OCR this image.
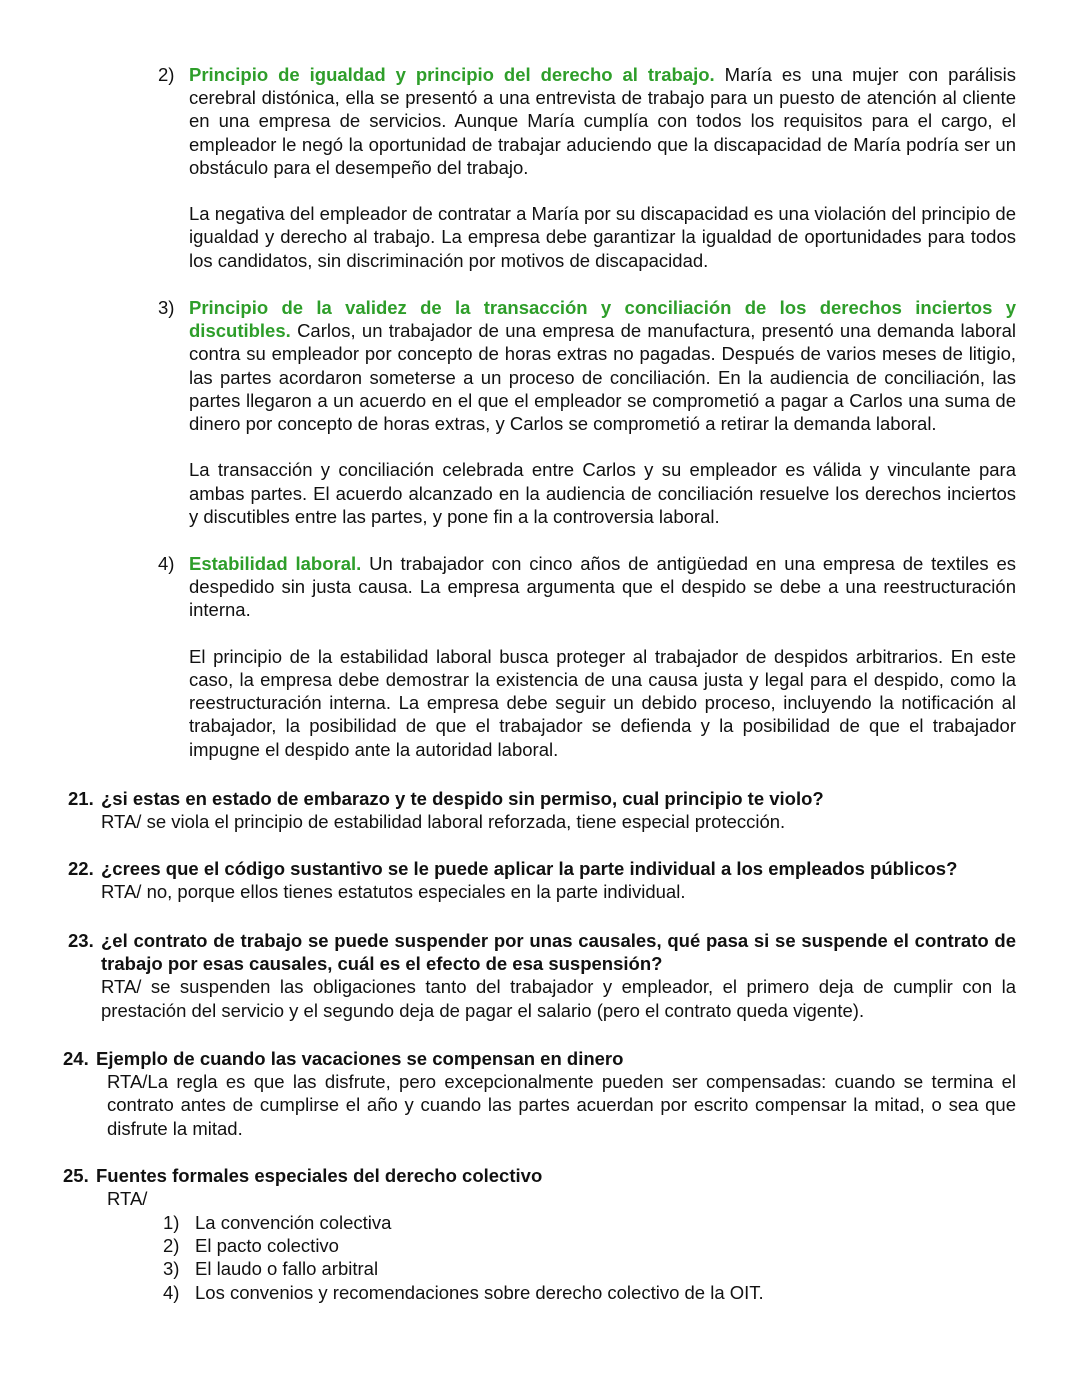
2) Principio de igualdad y principio del derecho al trabajo. María es una mujer con parálisis cerebral distónica, ella se presentó a una entrevista de trabajo para un puesto de atención al cliente en una empresa de servicios. Aunque María cumplía con todos los requisitos para el cargo, el empleador le negó la oportunidad de trabajar aduciendo que la discapacidad de María podría ser un obstáculo para el desempeño del trabajo.

La negativa del empleador de contratar a María por su discapacidad es una violación del principio de igualdad y derecho al trabajo. La empresa debe garantizar la igualdad de oportunidades para todos los candidatos, sin discriminación por motivos de discapacidad.

3) Principio de la validez de la transacción y conciliación de los derechos inciertos y discutibles. Carlos, un trabajador de una empresa de manufactura, presentó una demanda laboral contra su empleador por concepto de horas extras no pagadas. Después de varios meses de litigio, las partes acordaron someterse a un proceso de conciliación. En la audiencia de conciliación, las partes llegaron a un acuerdo en el que el empleador se comprometió a pagar a Carlos una suma de dinero por concepto de horas extras, y Carlos se comprometió a retirar la demanda laboral.

La transacción y conciliación celebrada entre Carlos y su empleador es válida y vinculante para ambas partes. El acuerdo alcanzado en la audiencia de conciliación resuelve los derechos inciertos y discutibles entre las partes, y pone fin a la controversia laboral.

4) Estabilidad laboral. Un trabajador con cinco años de antigüedad en una empresa de textiles es despedido sin justa causa. La empresa argumenta que el despido se debe a una reestructuración interna.

El principio de la estabilidad laboral busca proteger al trabajador de despidos arbitrarios. En este caso, la empresa debe demostrar la existencia de una causa justa y legal para el despido, como la reestructuración interna. La empresa debe seguir un debido proceso, incluyendo la notificación al trabajador, la posibilidad de que el trabajador se defienda y la posibilidad de que el trabajador impugne el despido ante la autoridad laboral.

21. ¿si estas en estado de embarazo y te despido sin permiso, cual principio te violo?
RTA/ se viola el principio de estabilidad laboral reforzada, tiene especial protección.
22. ¿crees que el código sustantivo se le puede aplicar la parte individual a los empleados públicos?
RTA/ no, porque ellos tienes estatutos especiales en la parte individual.
23. ¿el contrato de trabajo se puede suspender por unas causales, qué pasa si se suspende el contrato de trabajo por esas causales, cuál es el efecto de esa suspensión?
RTA/ se suspenden las obligaciones tanto del trabajador y empleador, el primero deja de cumplir con la prestación del servicio y el segundo deja de pagar el salario (pero el contrato queda vigente).
24. Ejemplo de cuando las vacaciones se compensan en dinero
RTA/La regla es que las disfrute, pero excepcionalmente pueden ser compensadas: cuando se termina el contrato antes de cumplirse el año y cuando las partes acuerdan por escrito compensar la mitad, o sea que disfrute la mitad.
25. Fuentes formales especiales del derecho colectivo
RTA/
1) La convención colectiva
2) El pacto colectivo
3) El laudo o fallo arbitral
4) Los convenios y recomendaciones sobre derecho colectivo de la OIT.
